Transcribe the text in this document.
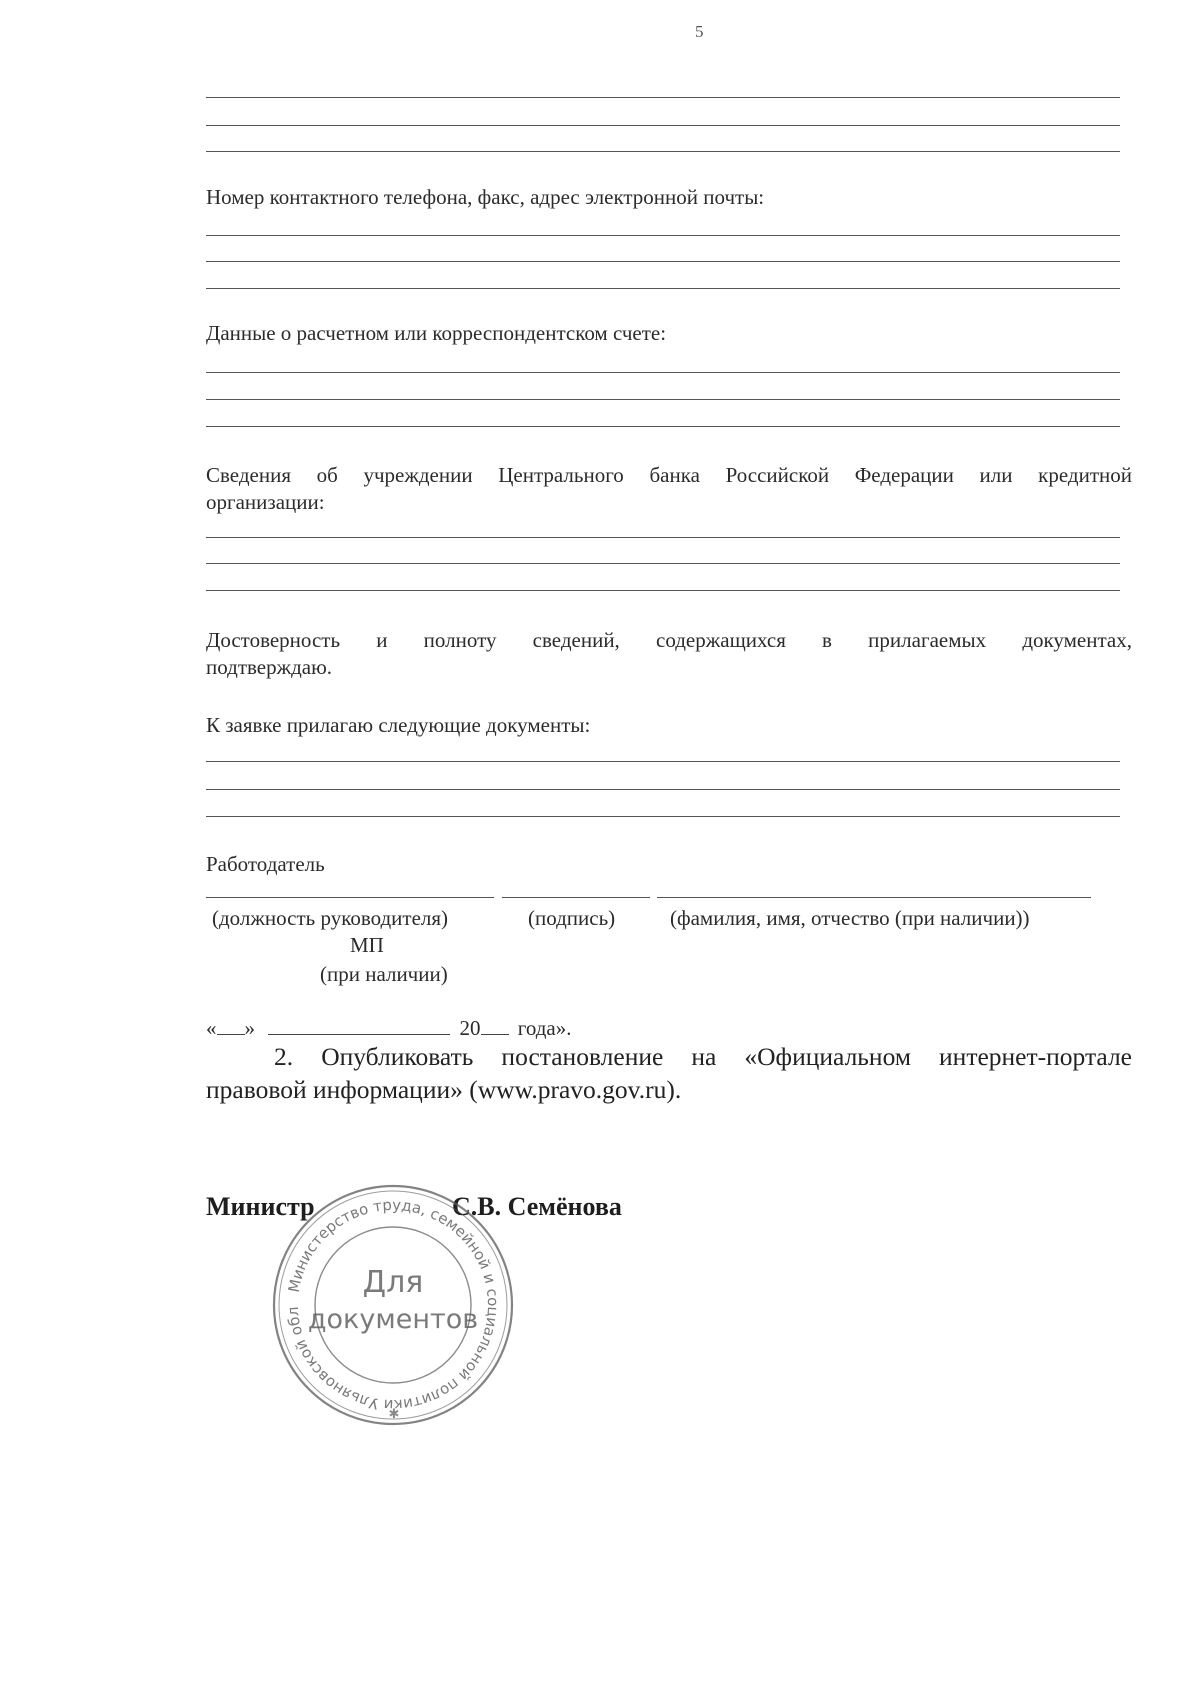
5
Номер контактного телефона, факс, адрес электронной почты:
Данные о расчетном или корреспондентском счете:
Сведения об учреждении Центрального банка Российской Федерации или кредитной
организации:
Достоверность и полноту сведений, содержащихся в прилагаемых документах,
подтверждаю.
К заявке прилагаю следующие документы:
Работодатель
(должность руководителя)	(подпись)	(фамилия, имя, отчество (при наличии))
МП
(при наличии)
« »	20 года».
2. Опубликовать постановление на «Официальном интернет-портале
правовой информации» (www.pravo.gov.ru).
Министр	С.В. Семёнова
Министерство труда, семейной и социальной политики Ульяновской обл
Для
документов
✱
